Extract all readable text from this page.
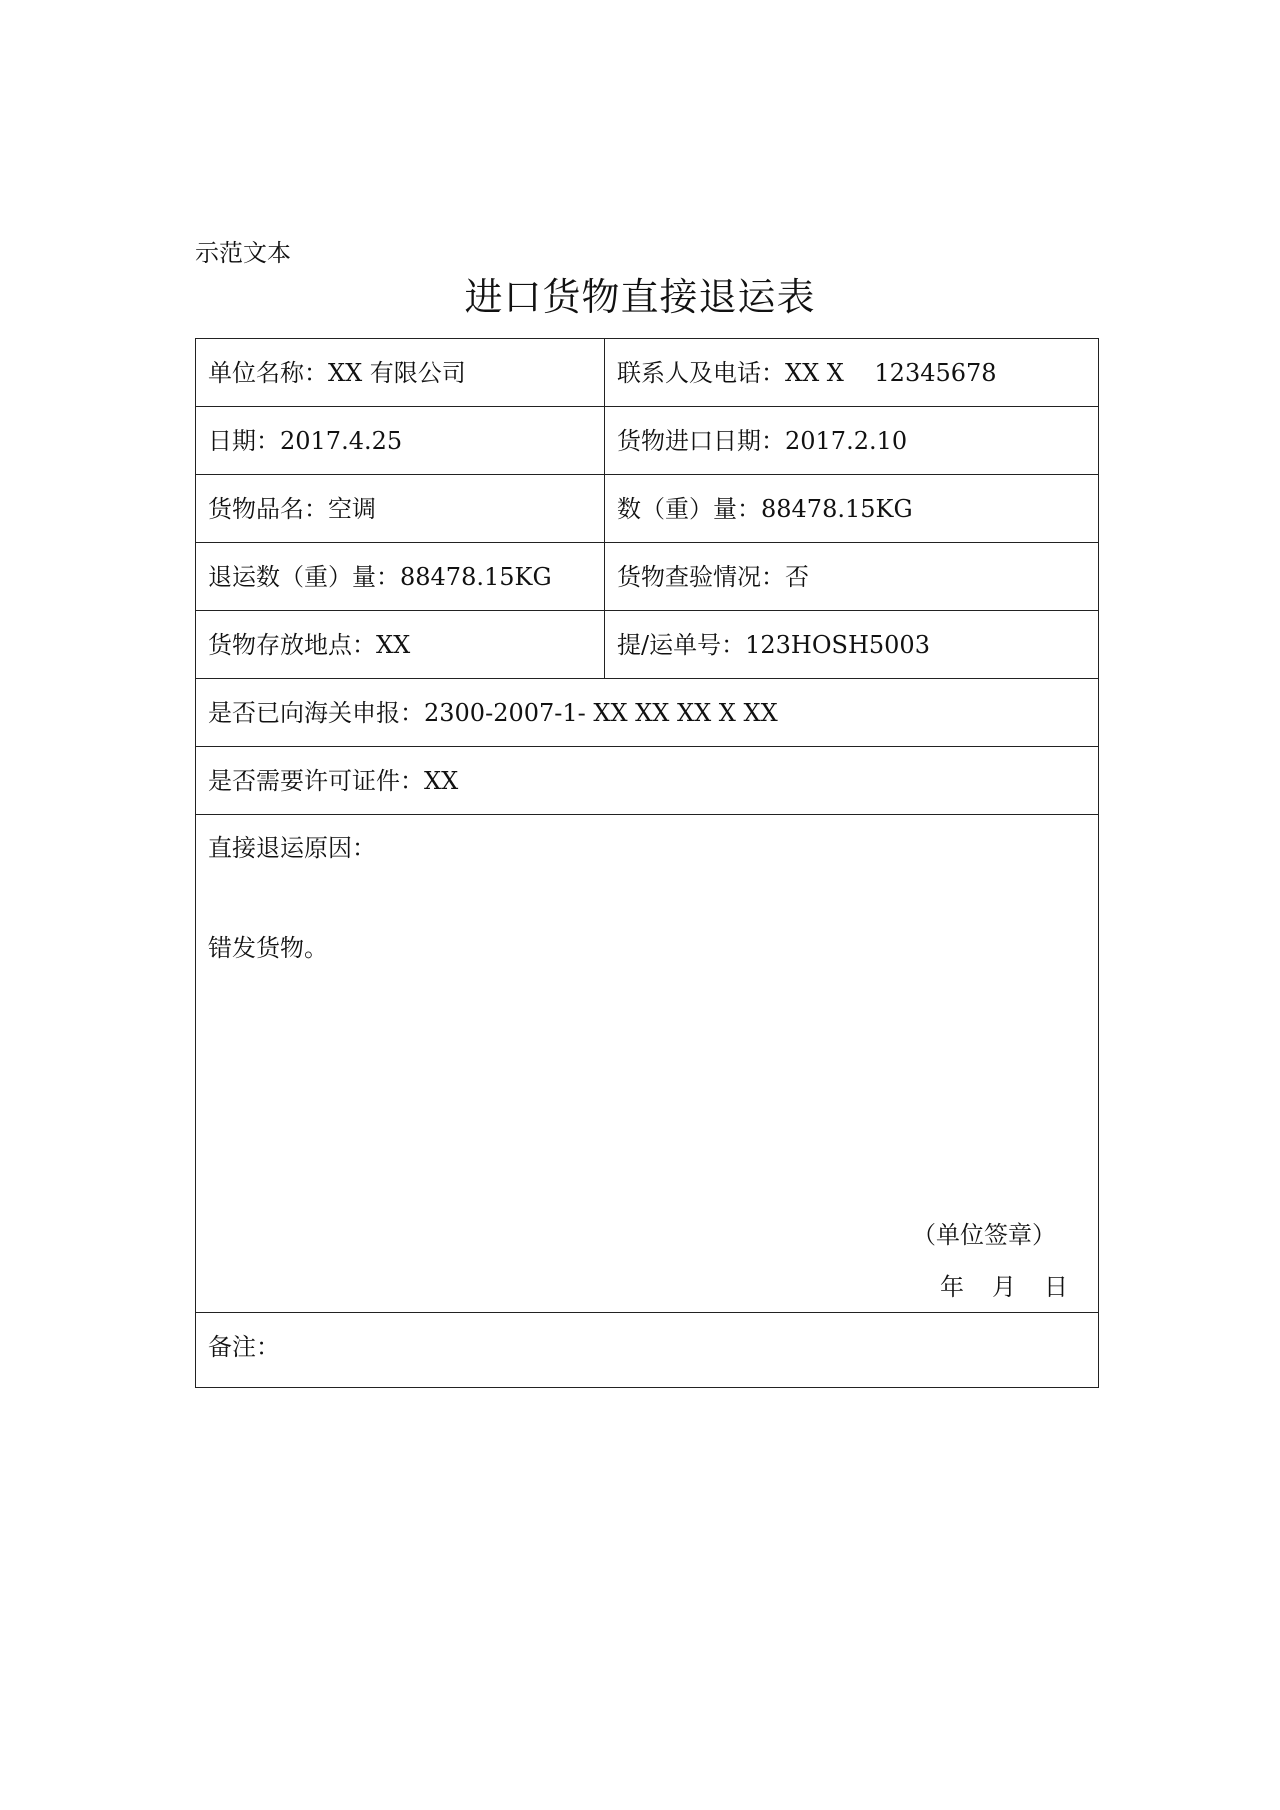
示范文本
进口货物直接退运表
单位名称：XX 有限公司	联系人及电话：XX X    12345678
日期：2017.4.25	货物进口日期：2017.2.10
货物品名：空调	数（重）量：88478.15KG
退运数（重）量：88478.15KG	货物查验情况：否
货物存放地点：XX	提/运单号：123HOSH5003
是否已向海关申报：2300-2007-1- XX XX XX X XX
是否需要许可证件：XX
直接退运原因：
错发货物。
（单位签章）
年 月 日
备注：
